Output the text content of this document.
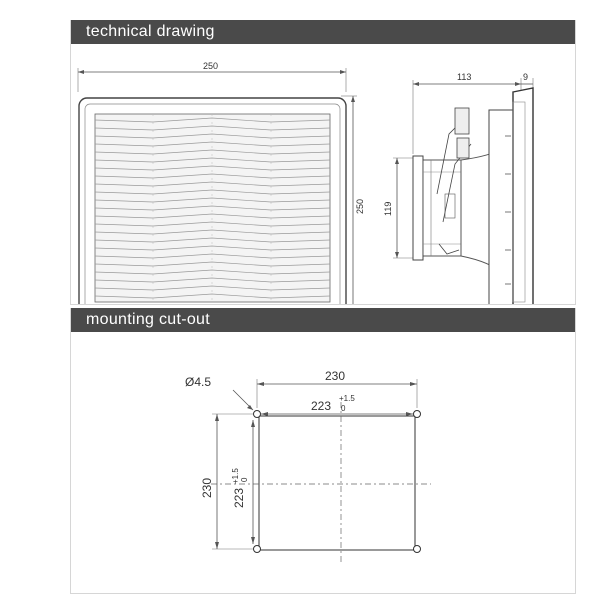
technical drawing
250
250
113	9
119
mounting cut-out
Ø4.5	230
223
+1.5
0
230 223
+1.5 0
